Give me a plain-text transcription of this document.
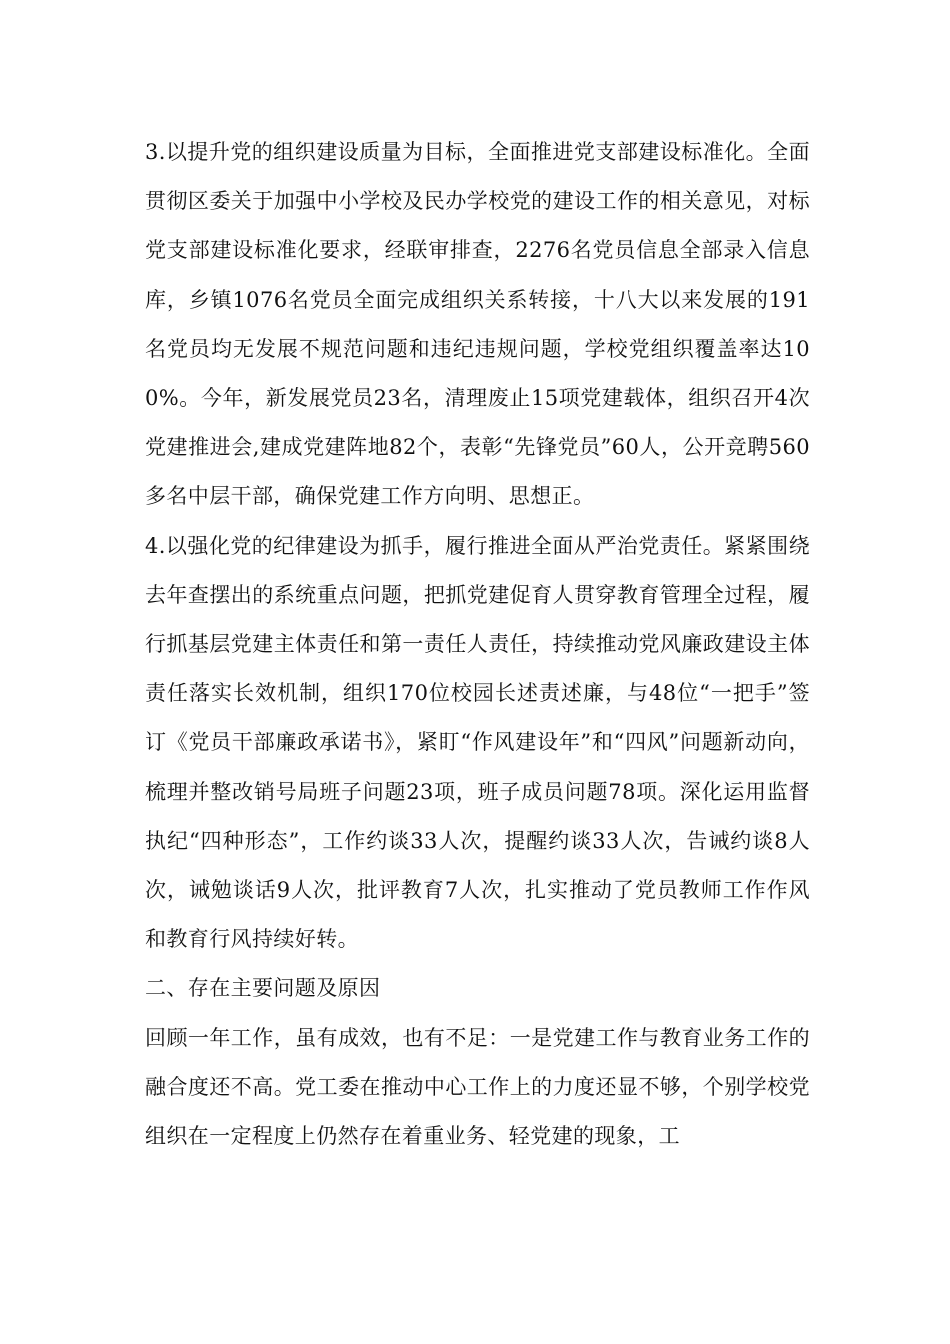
3.以提升党的组织建设质量为目标，全面推进党支部建设标准化。全面贯彻区委关于加强中小学校及民办学校党的建设工作的相关意见，对标党支部建设标准化要求，经联审排查，2276名党员信息全部录入信息库，乡镇1076名党员全面完成组织关系转接，十八大以来发展的191名党员均无发展不规范问题和违纪违规问题，学校党组织覆盖率达100%。今年，新发展党员23名，清理废止15项党建载体，组织召开4次党建推进会,建成党建阵地82个，表彰“先锋党员”60人，公开竞聘560多名中层干部，确保党建工作方向明、思想正。

4.以强化党的纪律建设为抓手，履行推进全面从严治党责任。紧紧围绕去年查摆出的系统重点问题，把抓党建促育人贯穿教育管理全过程，履行抓基层党建主体责任和第一责任人责任，持续推动党风廉政建设主体责任落实长效机制，组织170位校园长述责述廉，与48位“一把手”签订《党员干部廉政承诺书》，紧盯“作风建设年”和“四风”问题新动向，梳理并整改销号局班子问题23项，班子成员问题78项。深化运用监督执纪“四种形态”，工作约谈33人次，提醒约谈33人次，告诫约谈8人次，诫勉谈话9人次，批评教育7人次，扎实推动了党员教师工作作风和教育行风持续好转。

二、存在主要问题及原因

回顾一年工作，虽有成效，也有不足：一是党建工作与教育业务工作的融合度还不高。党工委在推动中心工作上的力度还显不够，个别学校党组织在一定程度上仍然存在着重业务、轻党建的现象，工
